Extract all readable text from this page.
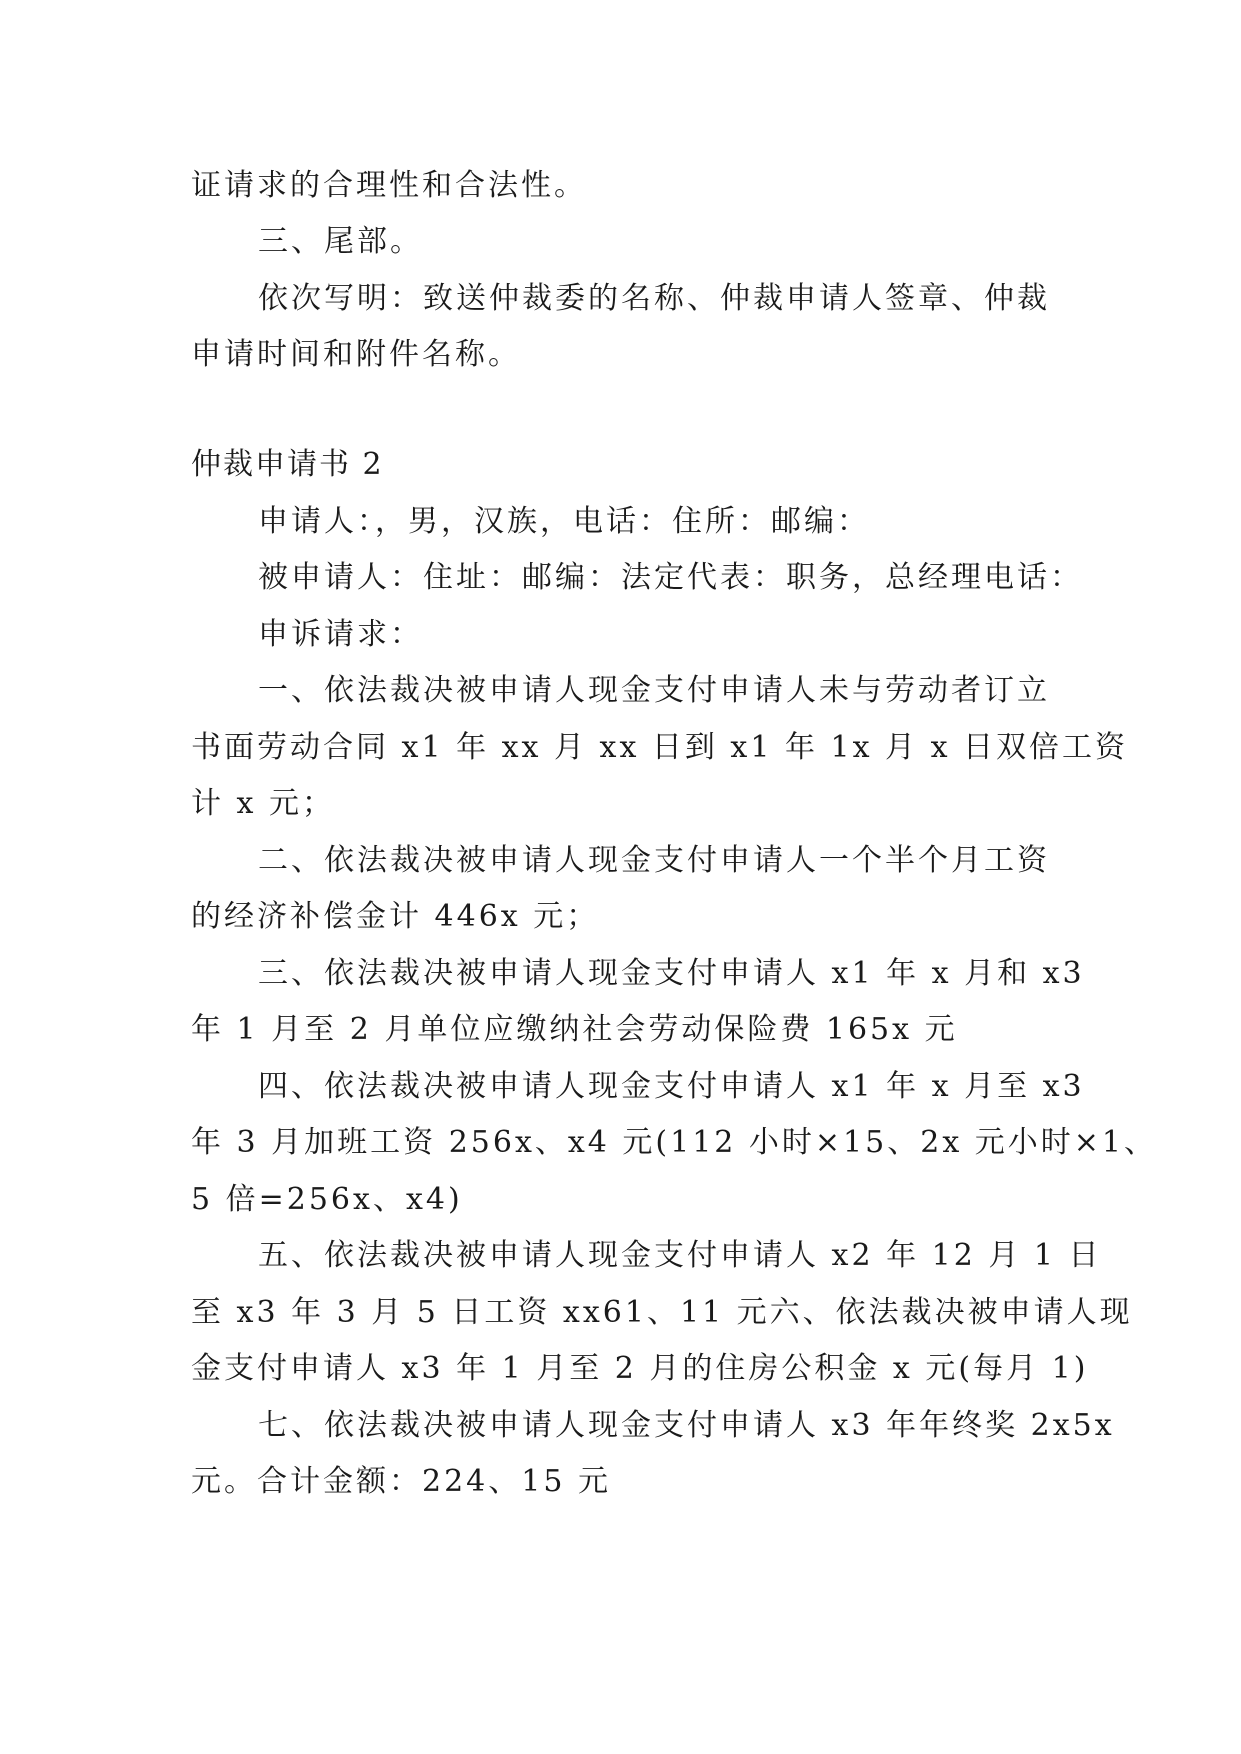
证请求的合理性和合法性。
三、尾部。
依次写明：致送仲裁委的名称、仲裁申请人签章、仲裁
申请时间和附件名称。
仲裁申请书 2
申请人：，男，汉族，电话：住所：邮编：
被申请人：住址：邮编：法定代表：职务，总经理电话：
申诉请求：
一、依法裁决被申请人现金支付申请人未与劳动者订立
书面劳动合同 x1 年 xx 月 xx 日到 x1 年 1x 月 x 日双倍工资
计 x 元；
二、依法裁决被申请人现金支付申请人一个半个月工资
的经济补偿金计 446x 元；
三、依法裁决被申请人现金支付申请人 x1 年 x 月和 x3
年 1 月至 2 月单位应缴纳社会劳动保险费 165x 元
四、依法裁决被申请人现金支付申请人 x1 年 x 月至 x3
年 3 月加班工资 256x、x4 元(112 小时×15、2x 元小时×1、
5 倍=256x、x4)
五、依法裁决被申请人现金支付申请人 x2 年 12 月 1 日
至 x3 年 3 月 5 日工资 xx61、11 元六、依法裁决被申请人现
金支付申请人 x3 年 1 月至 2 月的住房公积金 x 元(每月 1)
七、依法裁决被申请人现金支付申请人 x3 年年终奖 2x5x
元。合计金额：224、15 元
